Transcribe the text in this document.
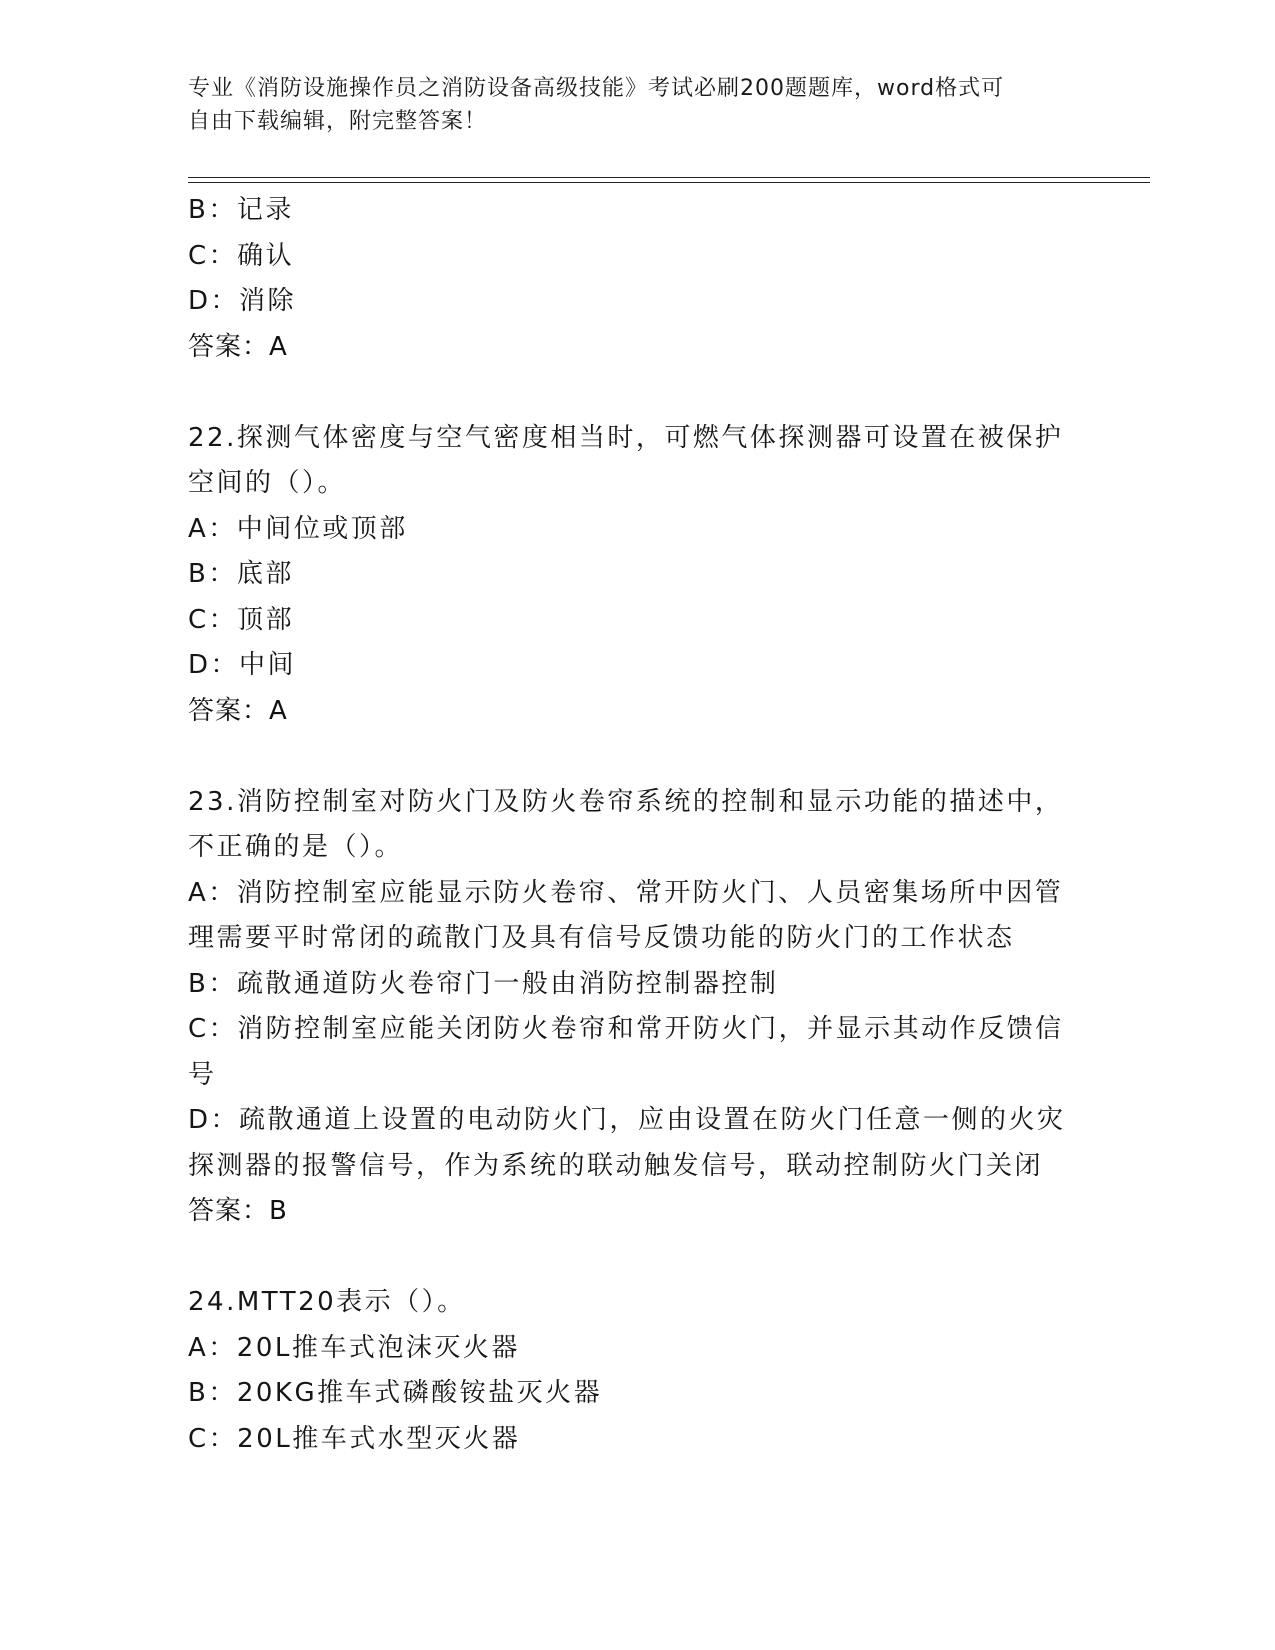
专业《消防设施操作员之消防设备高级技能》考试必刷200题题库，word格式可
自由下载编辑，附完整答案！
B：记录
C：确认
D：消除
答案：A
22.探测气体密度与空气密度相当时，可燃气体探测器可设置在被保护
空间的（）。
A：中间位或顶部
B：底部
C：顶部
D：中间
答案：A
23.消防控制室对防火门及防火卷帘系统的控制和显示功能的描述中，
不正确的是（）。
A：消防控制室应能显示防火卷帘、常开防火门、人员密集场所中因管
理需要平时常闭的疏散门及具有信号反馈功能的防火门的工作状态
B：疏散通道防火卷帘门一般由消防控制器控制
C：消防控制室应能关闭防火卷帘和常开防火门，并显示其动作反馈信
号
D：疏散通道上设置的电动防火门，应由设置在防火门任意一侧的火灾
探测器的报警信号，作为系统的联动触发信号，联动控制防火门关闭
答案：B
24.MTT20表示（）。
A：20L推车式泡沫灭火器
B：20KG推车式磷酸铵盐灭火器
C：20L推车式水型灭火器
